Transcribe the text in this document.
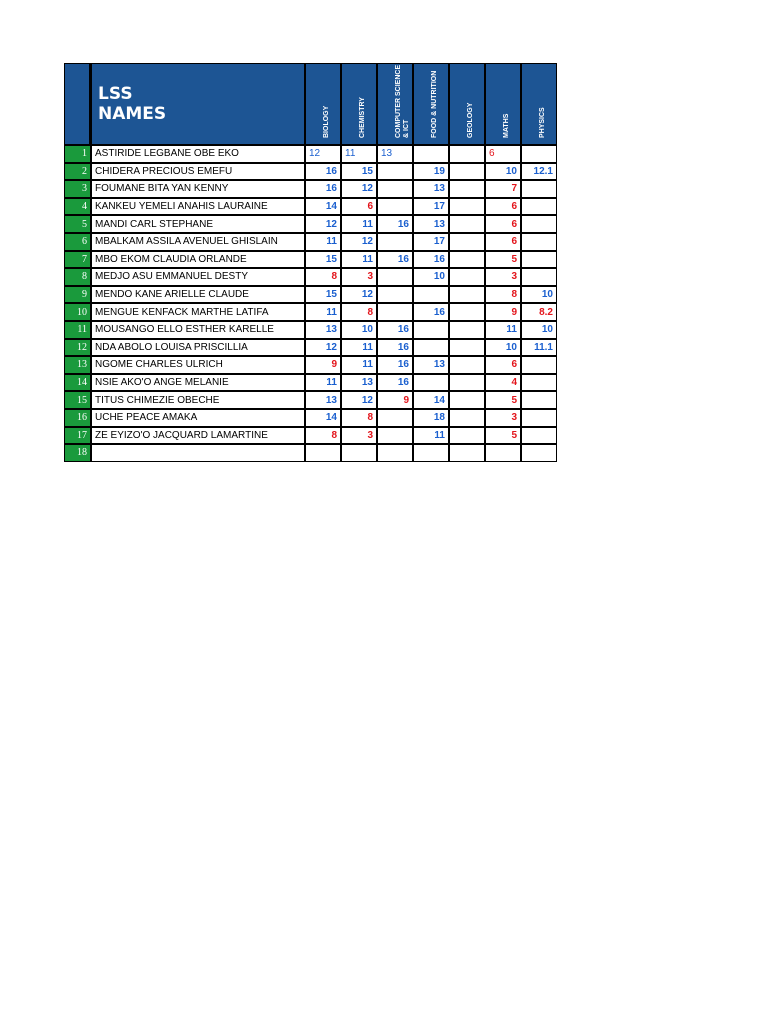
	LSS
NAMES	BIOLOGY	CHEMISTRY	COMPUTER SCIENCE & ICT	FOOD & NUTRITION	GEOLOGY	MATHS	PHYSICS

1	ASTIRIDE LEGBANE OBE EKO	12	11	13			6	
2	CHIDERA PRECIOUS EMEFU	16	15		19		10	12.1
3	FOUMANE BITA YAN KENNY	16	12		13		7	
4	KANKEU YEMELI ANAHIS LAURAINE	14	6		17		6	
5	MANDI CARL STEPHANE	12	11	16	13		6	
6	MBALKAM ASSILA AVENUEL GHISLAIN	11	12		17		6	
7	MBO EKOM CLAUDIA ORLANDE	15	11	16	16		5	
8	MEDJO ASU EMMANUEL DESTY	8	3		10		3	
9	MENDO KANE ARIELLE CLAUDE	15	12				8	10
10	MENGUE KENFACK MARTHE LATIFA	11	8		16		9	8.2
11	MOUSANGO ELLO ESTHER KARELLE	13	10	16			11	10
12	NDA ABOLO LOUISA PRISCILLIA	12	11	16			10	11.1
13	NGOME CHARLES ULRICH	9	11	16	13		6	
14	NSIE AKO'O ANGE MELANIE	11	13	16			4	
15	TITUS CHIMEZIE OBECHE	13	12	9	14		5	
16	UCHE PEACE AMAKA	14	8		18		3	
17	ZE EYIZO'O JACQUARD LAMARTINE	8	3		11		5	
18								
